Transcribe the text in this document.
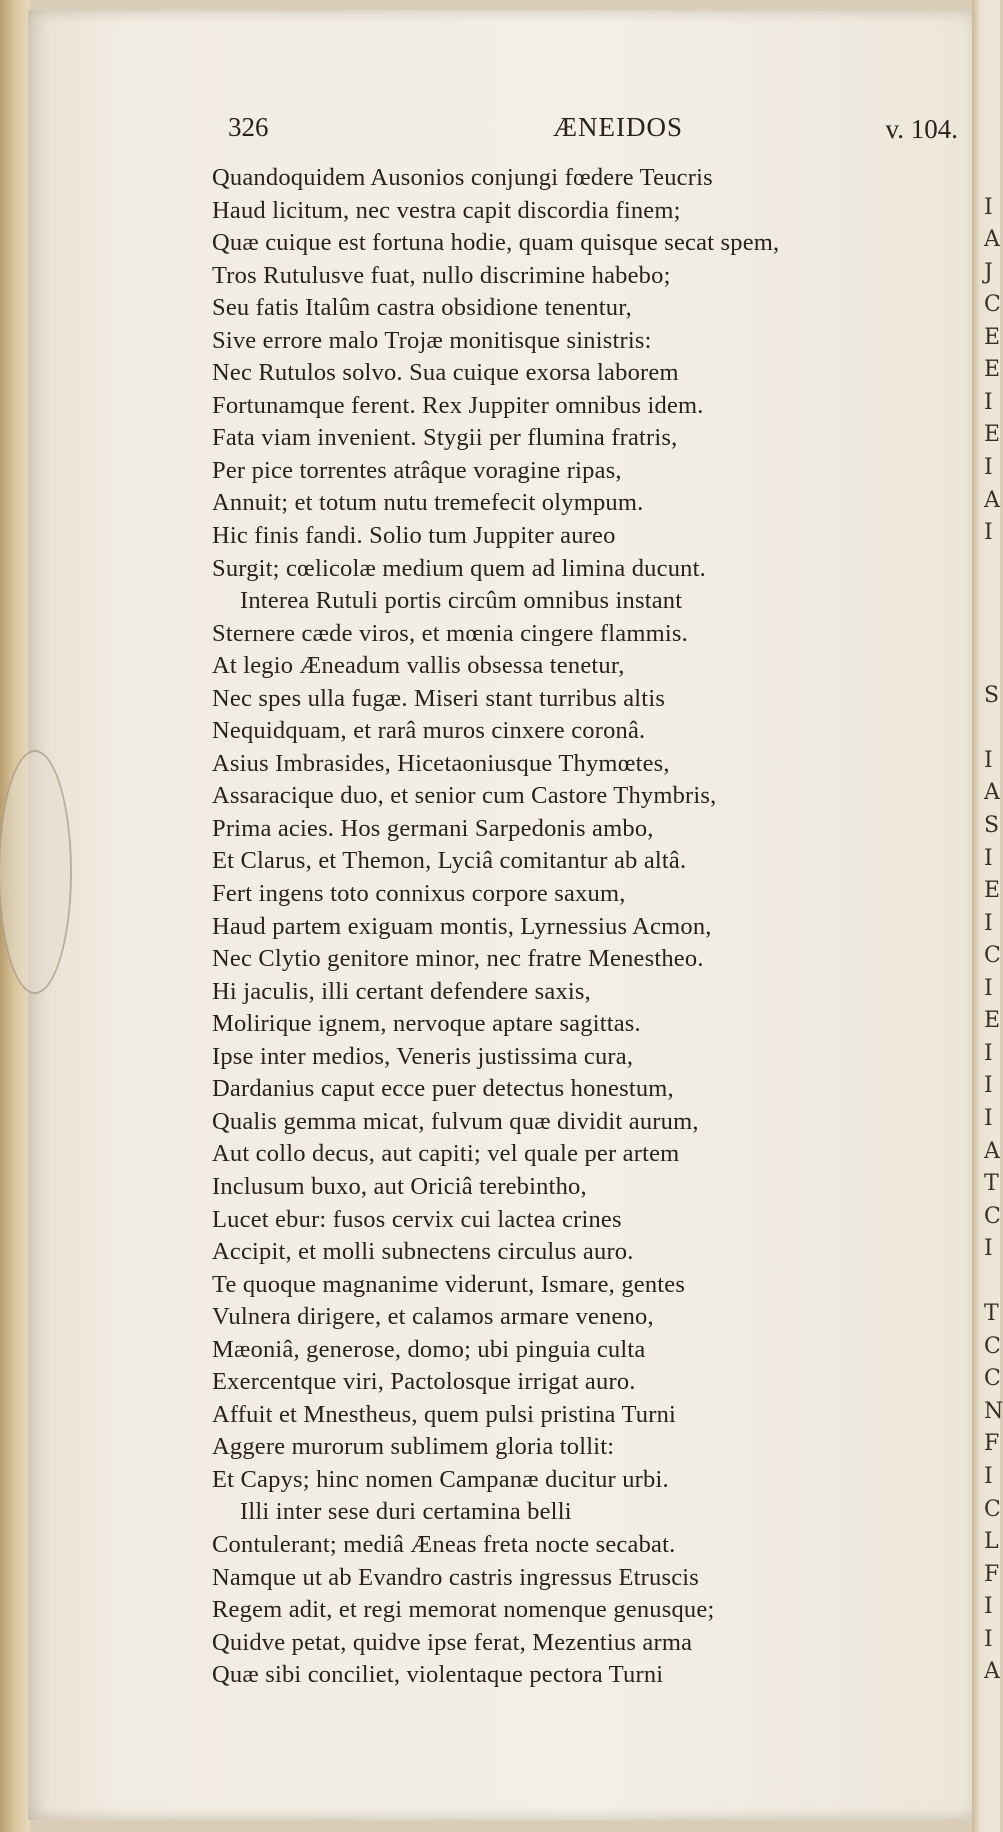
I
A
J
C
E
E
I
E
I
A
I
S
I
A
S
I
E
I
C
I
E
I
I
I
A
T
C
I
T
C
C
N
F
I
C
L
F
I
I
A
326	ÆNEIDOS	v. 104.
Quandoquidem Ausonios conjungi fœdere Teucris
Haud licitum, nec vestra capit discordia finem;
Quæ cuique est fortuna hodie, quam quisque secat spem,
Tros Rutulusve fuat, nullo discrimine habebo;
Seu fatis Italûm castra obsidione tenentur,
Sive errore malo Trojæ monitisque sinistris:
Nec Rutulos solvo. Sua cuique exorsa laborem
Fortunamque ferent. Rex Juppiter omnibus idem.
Fata viam invenient. Stygii per flumina fratris,
Per pice torrentes atrâque voragine ripas,
Annuit; et totum nutu tremefecit olympum.
Hic finis fandi. Solio tum Juppiter aureo
Surgit; cœlicolæ medium quem ad limina ducunt.
Interea Rutuli portis circûm omnibus instant
Sternere cæde viros, et mœnia cingere flammis.
At legio Æneadum vallis obsessa tenetur,
Nec spes ulla fugæ. Miseri stant turribus altis
Nequidquam, et rarâ muros cinxere coronâ.
Asius Imbrasides, Hicetaoniusque Thymœtes,
Assaracique duo, et senior cum Castore Thymbris,
Prima acies. Hos germani Sarpedonis ambo,
Et Clarus, et Themon, Lyciâ comitantur ab altâ.
Fert ingens toto connixus corpore saxum,
Haud partem exiguam montis, Lyrnessius Acmon,
Nec Clytio genitore minor, nec fratre Menestheo.
Hi jaculis, illi certant defendere saxis,
Molirique ignem, nervoque aptare sagittas.
Ipse inter medios, Veneris justissima cura,
Dardanius caput ecce puer detectus honestum,
Qualis gemma micat, fulvum quæ dividit aurum,
Aut collo decus, aut capiti; vel quale per artem
Inclusum buxo, aut Oriciâ terebintho,
Lucet ebur: fusos cervix cui lactea crines
Accipit, et molli subnectens circulus auro.
Te quoque magnanime viderunt, Ismare, gentes
Vulnera dirigere, et calamos armare veneno,
Mæoniâ, generose, domo; ubi pinguia culta
Exercentque viri, Pactolosque irrigat auro.
Affuit et Mnestheus, quem pulsi pristina Turni
Aggere murorum sublimem gloria tollit:
Et Capys; hinc nomen Campanæ ducitur urbi.
Illi inter sese duri certamina belli
Contulerant; mediâ Æneas freta nocte secabat.
Namque ut ab Evandro castris ingressus Etruscis
Regem adit, et regi memorat nomenque genusque;
Quidve petat, quidve ipse ferat, Mezentius arma
Quæ sibi conciliet, violentaque pectora Turni
